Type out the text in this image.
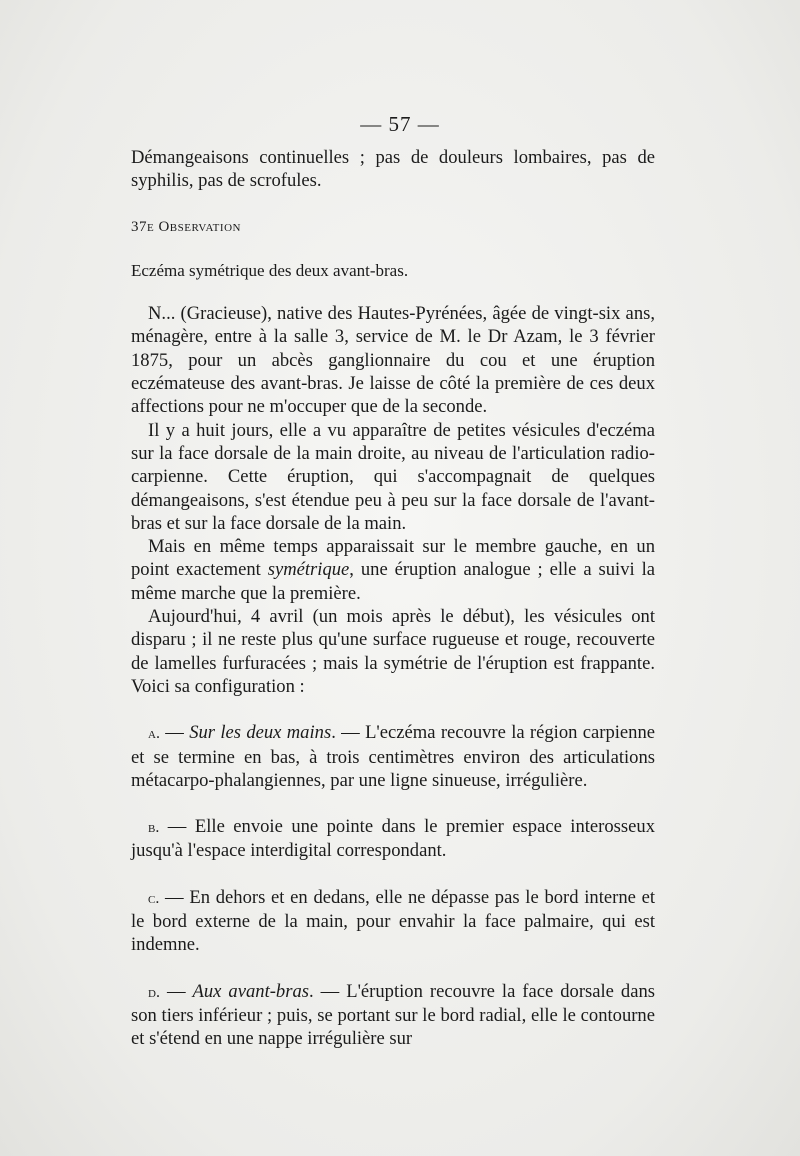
— 57 —

Démangeaisons continuelles ; pas de douleurs lombaires, pas de syphilis, pas de scrofules.

37e Observation

Eczéma symétrique des deux avant-bras.

N... (Gracieuse), native des Hautes-Pyrénées, âgée de vingt-six ans, ménagère, entre à la salle 3, service de M. le Dr Azam, le 3 février 1875, pour un abcès ganglionnaire du cou et une éruption eczémateuse des avant-bras. Je laisse de côté la première de ces deux affections pour ne m'occuper que de la seconde.

Il y a huit jours, elle a vu apparaître de petites vésicules d'eczéma sur la face dorsale de la main droite, au niveau de l'articulation radio-carpienne. Cette éruption, qui s'accompagnait de quelques démangeaisons, s'est étendue peu à peu sur la face dorsale de l'avant-bras et sur la face dorsale de la main.

Mais en même temps apparaissait sur le membre gauche, en un point exactement symétrique, une éruption analogue ; elle a suivi la même marche que la première.

Aujourd'hui, 4 avril (un mois après le début), les vésicules ont disparu ; il ne reste plus qu'une surface rugueuse et rouge, recouverte de lamelles furfuracées ; mais la symétrie de l'éruption est frappante. Voici sa configuration :

a. — Sur les deux mains. — L'eczéma recouvre la région carpienne et se termine en bas, à trois centimètres environ des articulations métacarpo-phalangiennes, par une ligne sinueuse, irrégulière.

b. — Elle envoie une pointe dans le premier espace interosseux jusqu'à l'espace interdigital correspondant.

c. — En dehors et en dedans, elle ne dépasse pas le bord interne et le bord externe de la main, pour envahir la face palmaire, qui est indemne.

d. — Aux avant-bras. — L'éruption recouvre la face dorsale dans son tiers inférieur ; puis, se portant sur le bord radial, elle le contourne et s'étend en une nappe irrégulière sur
